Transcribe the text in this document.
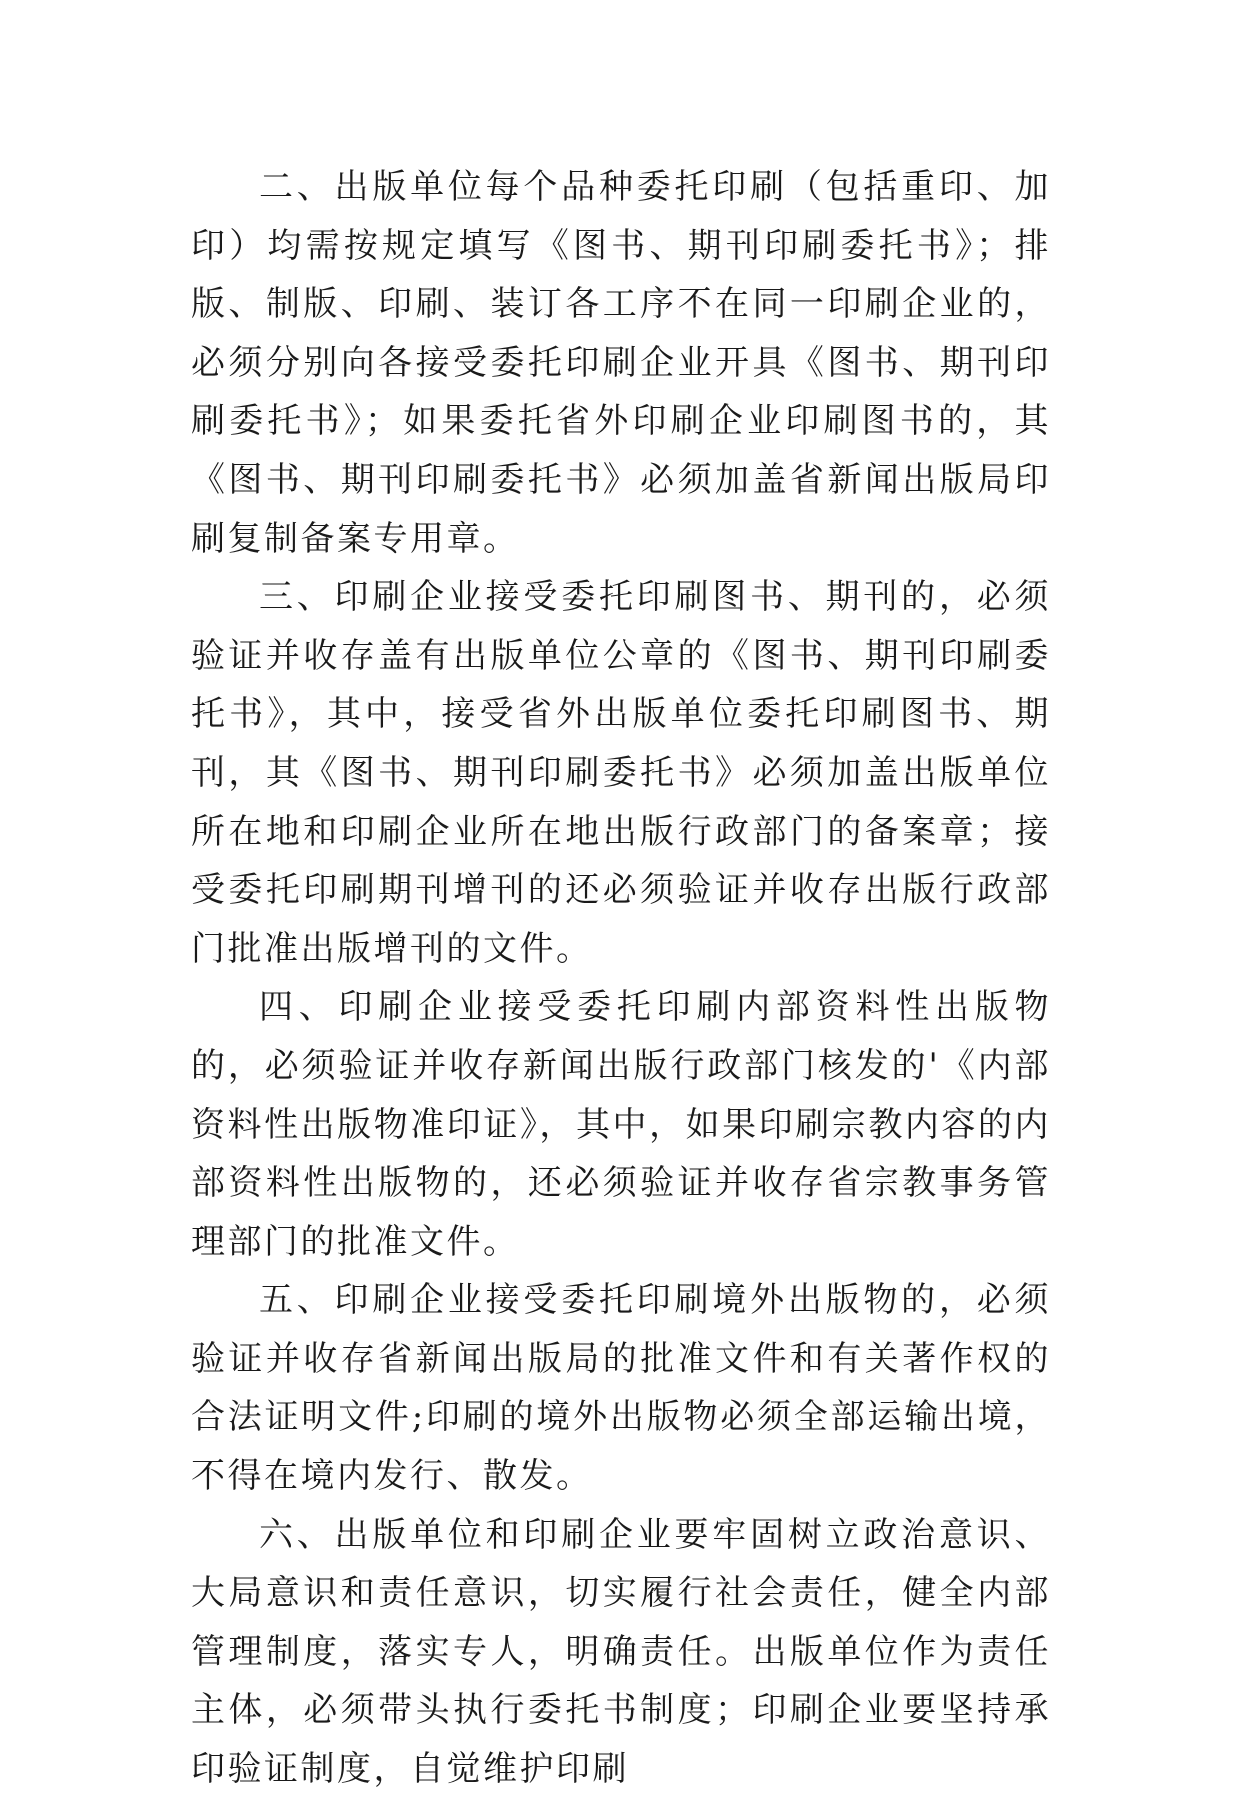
二、出版单位每个品种委托印刷（包括重印、加印）均需按规定填写《图书、期刊印刷委托书》；排版、制版、印刷、装订各工序不在同一印刷企业的，必须分别向各接受委托印刷企业开具《图书、期刊印刷委托书》；如果委托省外印刷企业印刷图书的，其《图书、期刊印刷委托书》必须加盖省新闻出版局印刷复制备案专用章。

三、印刷企业接受委托印刷图书、期刊的，必须验证并收存盖有出版单位公章的《图书、期刊印刷委托书》，其中，接受省外出版单位委托印刷图书、期刊，其《图书、期刊印刷委托书》必须加盖出版单位所在地和印刷企业所在地出版行政部门的备案章；接受委托印刷期刊增刊的还必须验证并收存出版行政部门批准出版增刊的文件。

四、印刷企业接受委托印刷内部资料性出版物的，必须验证并收存新闻出版行政部门核发的'《内部资料性出版物准印证》，其中，如果印刷宗教内容的内部资料性出版物的，还必须验证并收存省宗教事务管理部门的批准文件。

五、印刷企业接受委托印刷境外出版物的，必须验证并收存省新闻出版局的批准文件和有关著作权的合法证明文件;印刷的境外出版物必须全部运输出境，不得在境内发行、散发。

六、出版单位和印刷企业要牢固树立政治意识、大局意识和责任意识，切实履行社会责任，健全内部管理制度，落实专人，明确责任。出版单位作为责任主体，必须带头执行委托书制度；印刷企业要坚持承印验证制度，自觉维护印刷
